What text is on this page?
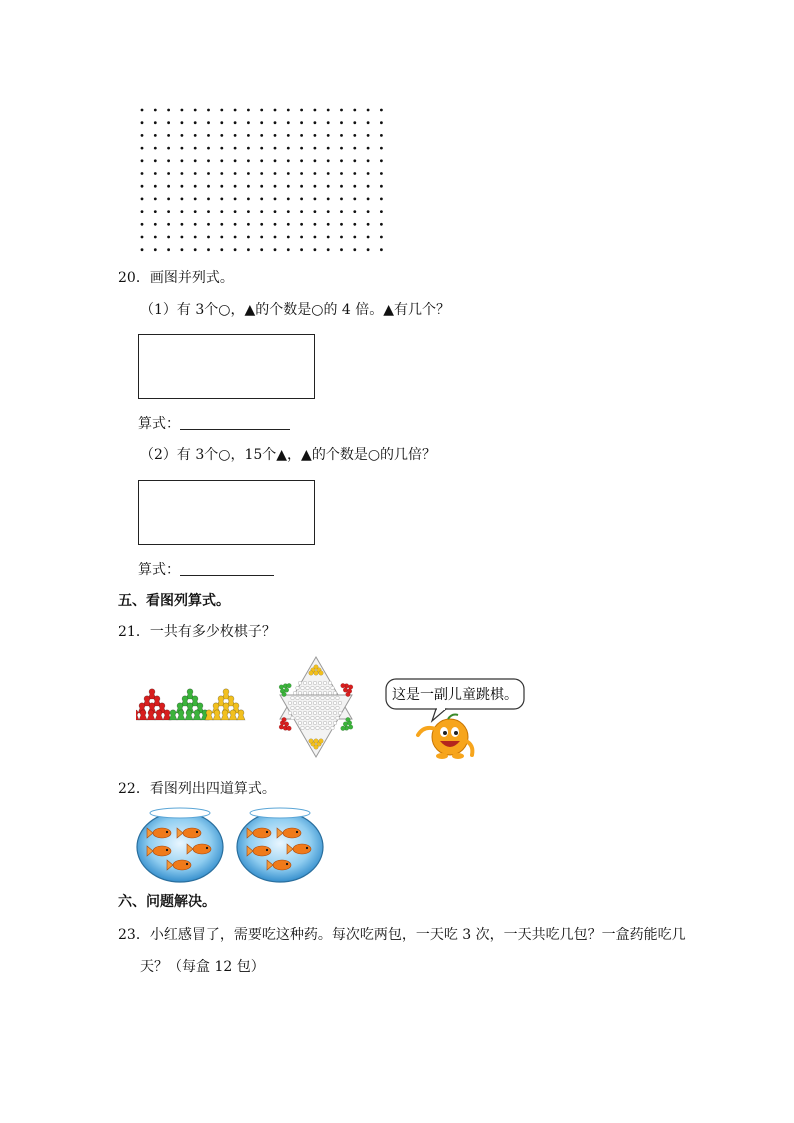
20．画图并列式。
（1）有 3个○，▲的个数是○的 4 倍。▲有几个？
算式：
（2）有 3个○，15个▲，▲的个数是○的几倍？
算式：
五、看图列算式。
21．一共有多少枚棋子？
这是一副儿童跳棋。
22．看图列出四道算式。
六、问题解决。
23．小红感冒了，需要吃这种药。每次吃两包，一天吃 3 次，一天共吃几包？一盒药能吃几
天？（每盒 12 包）
